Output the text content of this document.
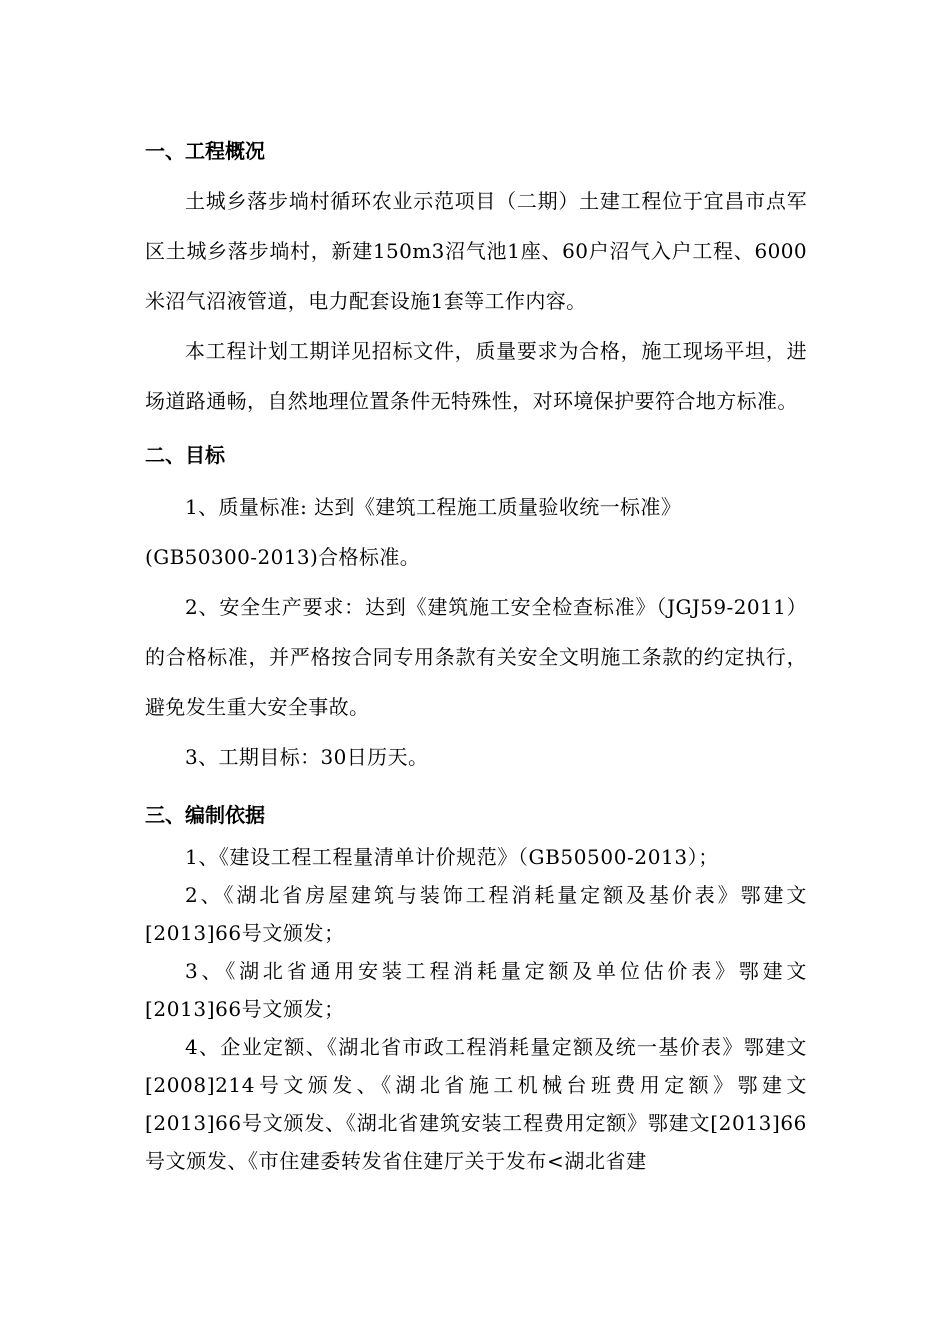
一、工程概况

土城乡落步埫村循环农业示范项目（二期）土建工程位于宜昌市点军区土城乡落步埫村，新建150m3沼气池1座、60户沼气入户工程、6000米沼气沼液管道，电力配套设施1套等工作内容。

本工程计划工期详见招标文件，质量要求为合格，施工现场平坦，进场道路通畅，自然地理位置条件无特殊性，对环境保护要符合地方标准。

二、目标

1、质量标准: 达到《建筑工程施工质量验收统一标准》

(GB50300-2013)合格标准。

2、安全生产要求：达到《建筑施工安全检查标准》（JGJ59-2011）的合格标准，并严格按合同专用条款有关安全文明施工条款的约定执行，避免发生重大安全事故。

3、工期目标：30日历天。

三、编制依据

1、《建设工程工程量清单计价规范》（GB50500-2013）；

2、《湖北省房屋建筑与装饰工程消耗量定额及基价表》鄂建文[2013]66号文颁发；

3、《湖北省通用安装工程消耗量定额及单位估价表》鄂建文[2013]66号文颁发；

4、企业定额、《湖北省市政工程消耗量定额及统一基价表》鄂建文[2008]214号文颁发、《湖北省施工机械台班费用定额》鄂建文[2013]66号文颁发、《湖北省建筑安装工程费用定额》鄂建文[2013]66号文颁发、《市住建委转发省住建厅关于发布<湖北省建
